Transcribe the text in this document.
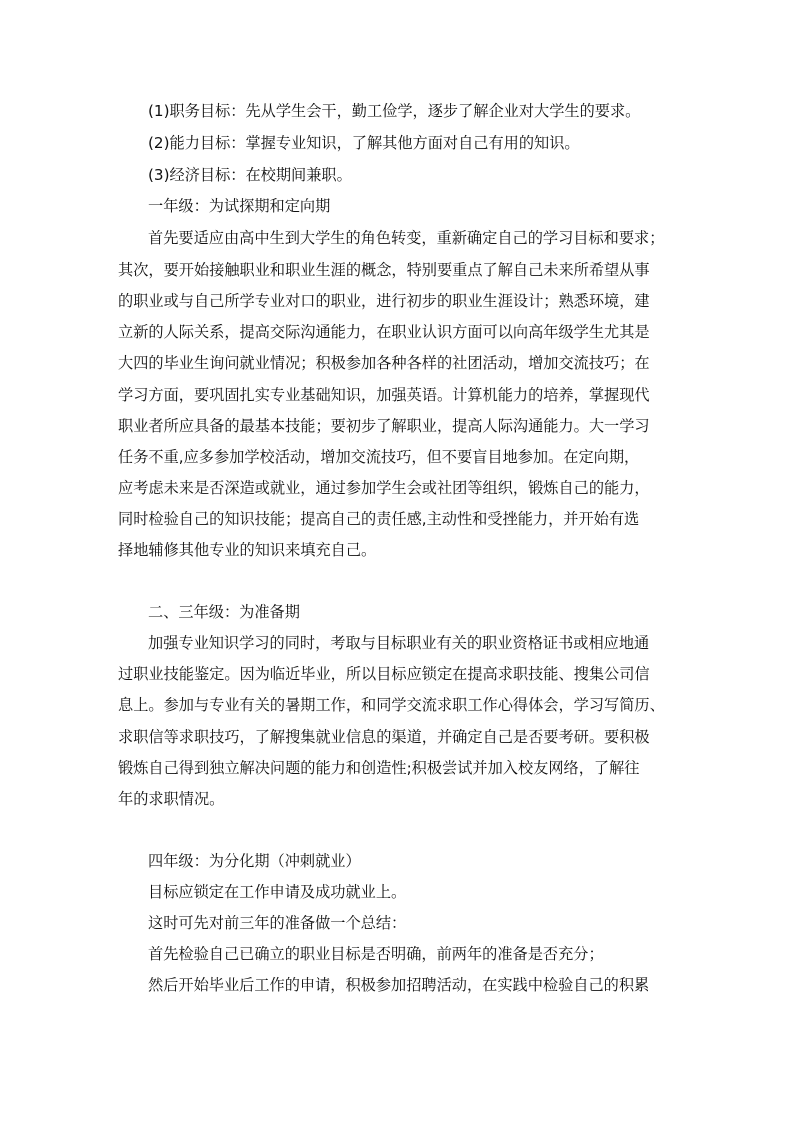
(1)职务目标：先从学生会干，勤工俭学，逐步了解企业对大学生的要求。
(2)能力目标：掌握专业知识，了解其他方面对自己有用的知识。
(3)经济目标：在校期间兼职。
一年级：为试探期和定向期
首先要适应由高中生到大学生的角色转变，重新确定自己的学习目标和要求；
其次，要开始接触职业和职业生涯的概念，特别要重点了解自己未来所希望从事
的职业或与自己所学专业对口的职业，进行初步的职业生涯设计；熟悉环境，建
立新的人际关系，提高交际沟通能力，在职业认识方面可以向高年级学生尤其是
大四的毕业生询问就业情况；积极参加各种各样的社团活动，增加交流技巧；在
学习方面，要巩固扎实专业基础知识，加强英语。计算机能力的培养，掌握现代
职业者所应具备的最基本技能；要初步了解职业，提高人际沟通能力。大一学习
任务不重,应多参加学校活动，增加交流技巧，但不要盲目地参加。在定向期，
应考虑未来是否深造或就业，通过参加学生会或社团等组织，锻炼自己的能力，
同时检验自己的知识技能；提高自己的责任感,主动性和受挫能力，并开始有选
择地辅修其他专业的知识来填充自己。
二、三年级：为准备期
加强专业知识学习的同时，考取与目标职业有关的职业资格证书或相应地通
过职业技能鉴定。因为临近毕业，所以目标应锁定在提高求职技能、搜集公司信
息上。参加与专业有关的暑期工作，和同学交流求职工作心得体会，学习写简历、
求职信等求职技巧，了解搜集就业信息的渠道，并确定自己是否要考研。要积极
锻炼自己得到独立解决问题的能力和创造性;积极尝试并加入校友网络，了解往
年的求职情况。
四年级：为分化期（冲刺就业）
目标应锁定在工作申请及成功就业上。
这时可先对前三年的准备做一个总结：
首先检验自己已确立的职业目标是否明确，前两年的准备是否充分；
然后开始毕业后工作的申请，积极参加招聘活动，在实践中检验自己的积累
